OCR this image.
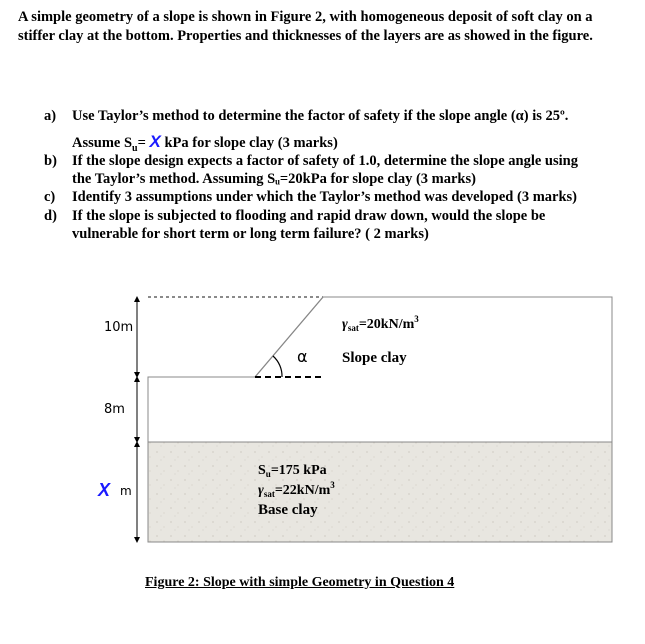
A simple geometry of a slope is shown in Figure 2, with homogeneous deposit of soft clay on a stiffer clay at the bottom. Properties and thicknesses of the layers are as showed in the figure.
a) Use Taylor’s method to determine the factor of safety if the slope angle (α) is 25º.
Assume $S_u= X$ kPa for slope clay (3 marks)
b) If the slope design expects a factor of safety of 1.0, determine the slope angle using
the Taylor’s method. Assuming Sᵤ=20kPa for slope clay (3 marks)
c) Identify 3 assumptions under which the Taylor’s method was developed (3 marks)
d) If the slope is subjected to flooding and rapid draw down, would the slope be
vulnerable for short term or long term failure? ( 2 marks)
10m
8m
X m
α
$\gamma_{sat}=20kN/m^3$
Slope clay
$S_u=175$ kPa
$\gamma_{sat}=22kN/m^3$
Base clay
Figure 2: Slope with simple Geometry in Question 4
